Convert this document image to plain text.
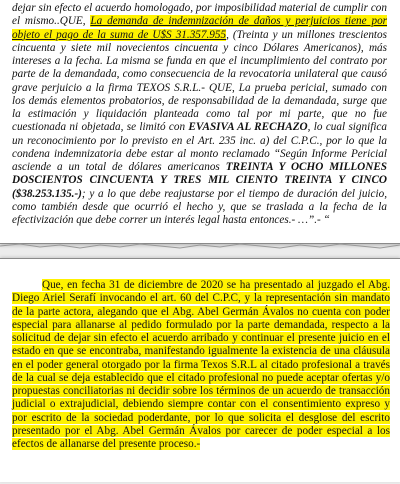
dejar sin efecto el acuerdo homologado, por imposibilidad material de cumplir con el mismo..QUE, La demanda de indemnización de daños y perjuicios tiene por objeto el pago de la suma de U$S 31.357.955, (Treinta y un millones trescientos cincuenta y siete mil novecientos cincuenta y cinco Dólares Americanos), más intereses a la fecha. La misma se funda en que el incumplimiento del contrato por parte de la demandada, como consecuencia de la revocatoria unilateral que causó grave perjuicio a la firma TEXOS S.R.L.- QUE, La prueba pericial, sumado con los demás elementos probatorios, de responsabilidad de la demandada, surge que la estimación y liquidación planteada como tal por mi parte, que no fue cuestionada ni objetada, se limitó con EVASIVA AL RECHAZO, lo cual significa un reconocimiento por lo previsto en el Art. 235 inc. a) del C.P.C., por lo que la condena indemnizatoria debe estar al monto reclamado “Según Informe Pericial asciende a un total de dólares americanos TREINTA Y OCHO MILLONES DOSCIENTOS CINCUENTA Y TRES MIL CIENTO TREINTA Y CINCO ($38.253.135.-); y a lo que debe reajustarse por el tiempo de duración del juicio, como también desde que ocurrió el hecho y, que se traslada a la fecha de la efectivización que debe correr un interés legal hasta entonces.- …”.- “

Que, en fecha 31 de diciembre de 2020 se ha presentado al juzgado el Abg. Diego Ariel Serafí invocando el art. 60 del C.P.C, y la representación sin mandato de la parte actora, alegando que el Abg. Abel Germán Ávalos no cuenta con poder especial para allanarse al pedido formulado por la parte demandada, respecto a la solicitud de dejar sin efecto el acuerdo arribado y continuar el presente juicio en el estado en que se encontraba, manifestando igualmente la existencia de una cláusula en el poder general otorgado por la firma Texos S.R.L al citado profesional a través de la cual se deja establecido que el citado profesional no puede aceptar ofertas y/o propuestas conciliatorias ni decidir sobre los términos de un acuerdo de transacción judicial o extrajudicial, debiendo siempre contar con el consentimiento expreso y por escrito de la sociedad poderdante, por lo que solicita el desglose del escrito presentado por el Abg. Abel Germán Ávalos por carecer de poder especial a los efectos de allanarse del presente proceso.-
